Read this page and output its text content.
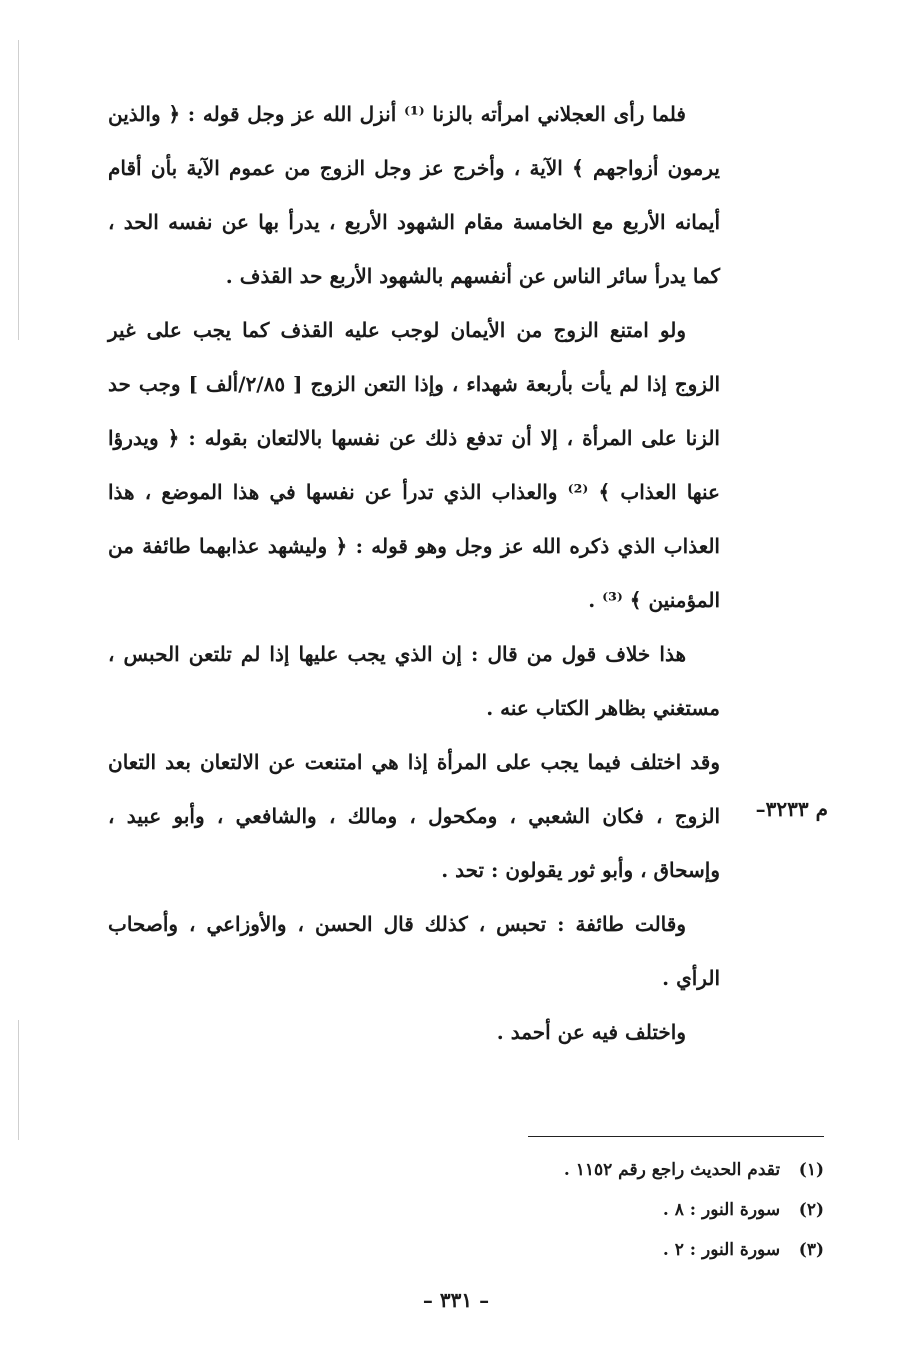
فلما رأى العجلاني امرأته بالزنا ⁽¹⁾ أنزل الله عز وجل قوله : ﴿ والذين يرمون أزواجهم ﴾ الآية ، وأخرج عز وجل الزوج من عموم الآية بأن أقام أيمانه الأربع مع الخامسة مقام الشهود الأربع ، يدرأ بها عن نفسه الحد ، كما يدرأ سائر الناس عن أنفسهم بالشهود الأربع حد القذف .

ولو امتنع الزوج من الأيمان لوجب عليه القذف كما يجب على غير الزوج إذا لم يأت بأربعة شهداء ، وإذا التعن الزوج [ ٢/٨٥/ألف ] وجب حد الزنا على المرأة ، إلا أن تدفع ذلك عن نفسها بالالتعان بقوله : ﴿ ويدرؤا عنها العذاب ﴾ ⁽²⁾ والعذاب الذي تدرأ عن نفسها في هذا الموضع ، هذا العذاب الذي ذكره الله عز وجل وهو قوله : ﴿ وليشهد عذابهما طائفة من المؤمنين ﴾ ⁽³⁾ .

هذا خلاف قول من قال : إن الذي يجب عليها إذا لم تلتعن الحبس ، مستغني بظاهر الكتاب عنه .

وقد اختلف فيما يجب على المرأة إذا هي امتنعت عن الالتعان بعد التعان الزوج ، فكان الشعبي ، ومكحول ، ومالك ، والشافعي ، وأبو عبيد ، وإسحاق ، وأبو ثور يقولون : تحد .

وقالت طائفة : تحبس ، كذلك قال الحسن ، والأوزاعي ، وأصحاب الرأي .

واختلف فيه عن أحمد .

م ٣٢٣٣–

(١) تقدم الحديث راجع رقم ١١٥٢ .

(٢) سورة النور : ٨ .

(٣) سورة النور : ٢ .

– ٣٣١ –
